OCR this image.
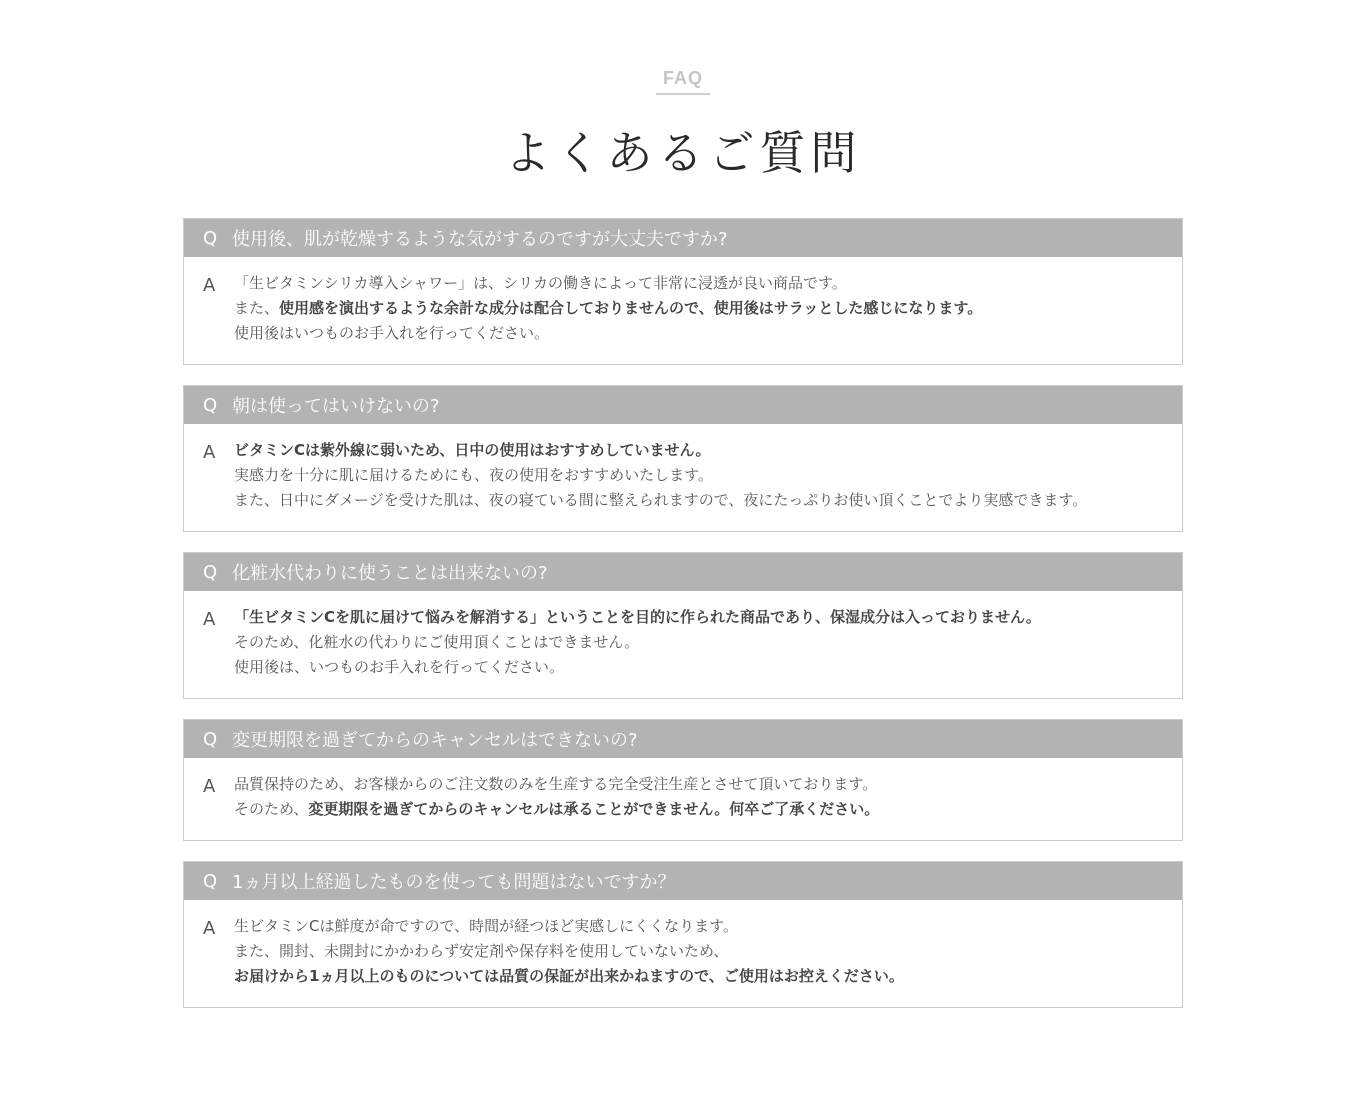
FAQ
よくあるご質問
Q 使用後、肌が乾燥するような気がするのですが大丈夫ですか?
A	「生ビタミンシリカ導入シャワー」は、シリカの働きによって非常に浸透が良い商品です。
また、使用感を演出するような余計な成分は配合しておりませんので、使用後はサラッとした感じになります。
使用後はいつものお手入れを行ってください。
Q 朝は使ってはいけないの?
A	ビタミンCは紫外線に弱いため、日中の使用はおすすめしていません。
実感力を十分に肌に届けるためにも、夜の使用をおすすめいたします。
また、日中にダメージを受けた肌は、夜の寝ている間に整えられますので、夜にたっぷりお使い頂くことでより実感できます。
Q 化粧水代わりに使うことは出来ないの?
A	「生ビタミンCを肌に届けて悩みを解消する」ということを目的に作られた商品であり、保湿成分は入っておりません。
そのため、化粧水の代わりにご使用頂くことはできません。
使用後は、いつものお手入れを行ってください。
Q 変更期限を過ぎてからのキャンセルはできないの?
A	品質保持のため、お客様からのご注文数のみを生産する完全受注生産とさせて頂いております。
そのため、変更期限を過ぎてからのキャンセルは承ることができません。何卒ご了承ください。
Q 1ヵ月以上経過したものを使っても問題はないですか？
A	生ビタミンCは鮮度が命ですので、時間が経つほど実感しにくくなります。
また、開封、未開封にかかわらず安定剤や保存料を使用していないため、
お届けから1ヵ月以上のものについては品質の保証が出来かねますので、ご使用はお控えください。
